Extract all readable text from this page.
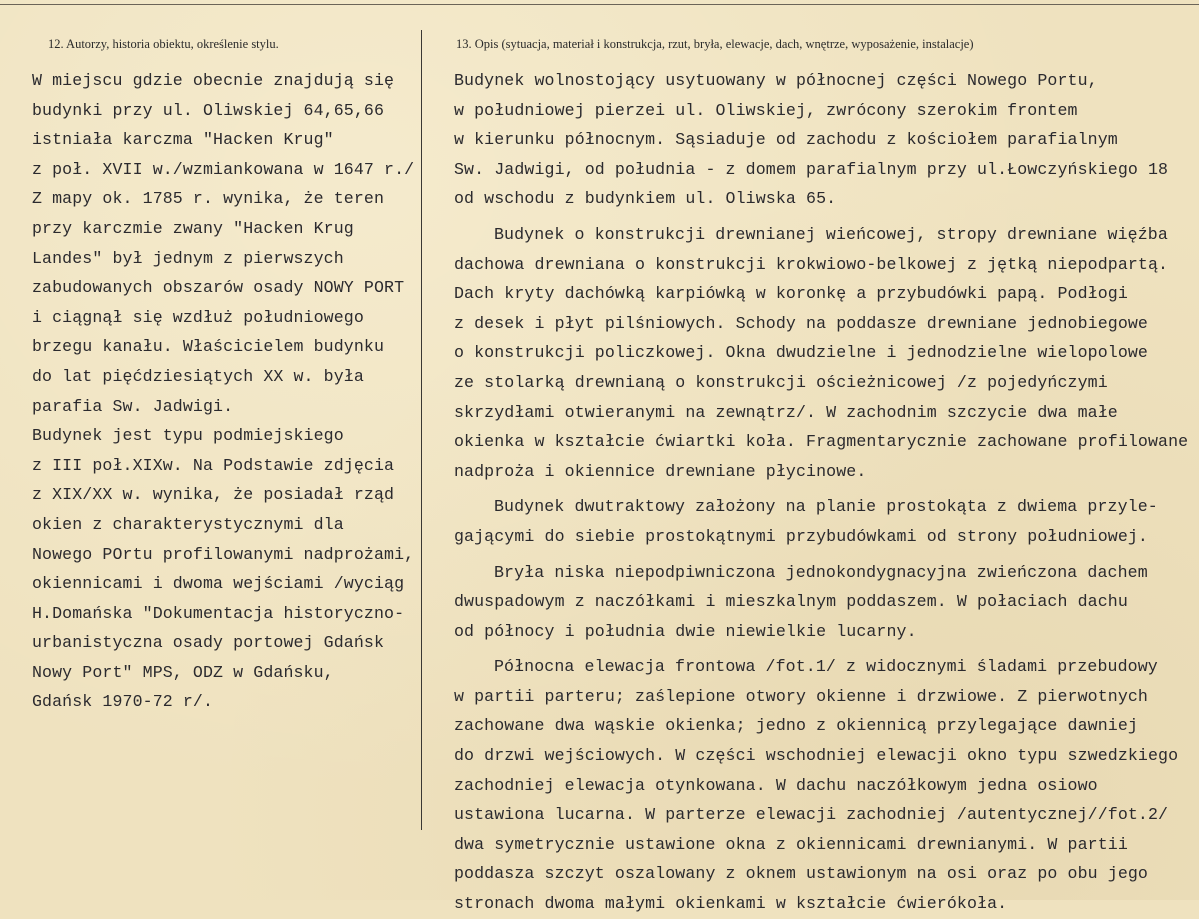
12. Autorzy, historia obiektu, określenie stylu.	13. Opis (sytuacja, materiał i konstrukcja, rzut, bryła, elewacje, dach, wnętrze, wyposażenie, instalacje)
W miejscu gdzie obecnie znajdują się
budynki przy ul. Oliwskiej 64,65,66
istniała karczma "Hacken Krug"
z poł. XVII w./wzmiankowana w 1647 r./
Z mapy ok. 1785 r. wynika, że teren
przy karczmie zwany "Hacken Krug
Landes" był jednym z pierwszych
zabudowanych obszarów osady NOWY PORT
i ciągnął się wzdłuż południowego
brzegu kanału. Właścicielem budynku
do lat pięćdziesiątych XX w. była
parafia Sw. Jadwigi.
Budynek jest typu podmiejskiego
z III poł.XIXw. Na Podstawie zdjęcia
z XIX/XX w. wynika, że posiadał rząd
okien z charakterystycznymi dla
Nowego POrtu profilowanymi nadprożami,
okiennicami i dwoma wejściami /wyciąg
H.Domańska "Dokumentacja historyczno-
urbanistyczna osady portowej Gdańsk
Nowy Port" MPS, ODZ w Gdańsku,
Gdańsk 1970-72 r/.
Budynek wolnostojący usytuowany w północnej części Nowego Portu,
w południowej pierzei ul. Oliwskiej, zwrócony szerokim frontem
w kierunku północnym. Sąsiaduje od zachodu z kościołem parafialnym
Sw. Jadwigi, od południa - z domem parafialnym przy ul.Łowczyńskiego 18
od wschodu z budynkiem ul. Oliwska 65.
Budynek o konstrukcji drewnianej wieńcowej, stropy drewniane więźba
dachowa drewniana o konstrukcji krokwiowo-belkowej z jętką niepodpartą.
Dach kryty dachówką karpiówką w koronkę a przybudówki papą. Podłogi
z desek i płyt pilśniowych. Schody na poddasze drewniane jednobiegowe
o konstrukcji policzkowej. Okna dwudzielne i jednodzielne wielopolowe
ze stolarką drewnianą o konstrukcji ościeżnicowej /z pojedyńczymi
skrzydłami otwieranymi na zewnątrz/. W zachodnim szczycie dwa małe
okienka w kształcie ćwiartki koła. Fragmentarycznie zachowane profilowane
nadproża i okiennice drewniane płycinowe.
Budynek dwutraktowy założony na planie prostokąta z dwiema przyle-
gającymi do siebie prostokątnymi przybudówkami od strony południowej.
Bryła niska niepodpiwniczona jednokondygnacyjna zwieńczona dachem
dwuspadowym z naczółkami i mieszkalnym poddaszem. W połaciach dachu
od północy i południa dwie niewielkie lucarny.
Północna elewacja frontowa /fot.1/ z widocznymi śladami przebudowy
w partii parteru; zaślepione otwory okienne i drzwiowe. Z pierwotnych
zachowane dwa wąskie okienka; jedno z okiennicą przylegające dawniej
do drzwi wejściowych. W części wschodniej elewacji okno typu szwedzkiego
zachodniej elewacja otynkowana. W dachu naczółkowym jedna osiowo
ustawiona lucarna. W parterze elewacji zachodniej /autentycznej//fot.2/
dwa symetrycznie ustawione okna z okiennicami drewnianymi. W partii
poddasza szczyt oszalowany z oknem ustawionym na osi oraz po obu jego
stronach dwoma małymi okienkami w kształcie ćwierókoła.
